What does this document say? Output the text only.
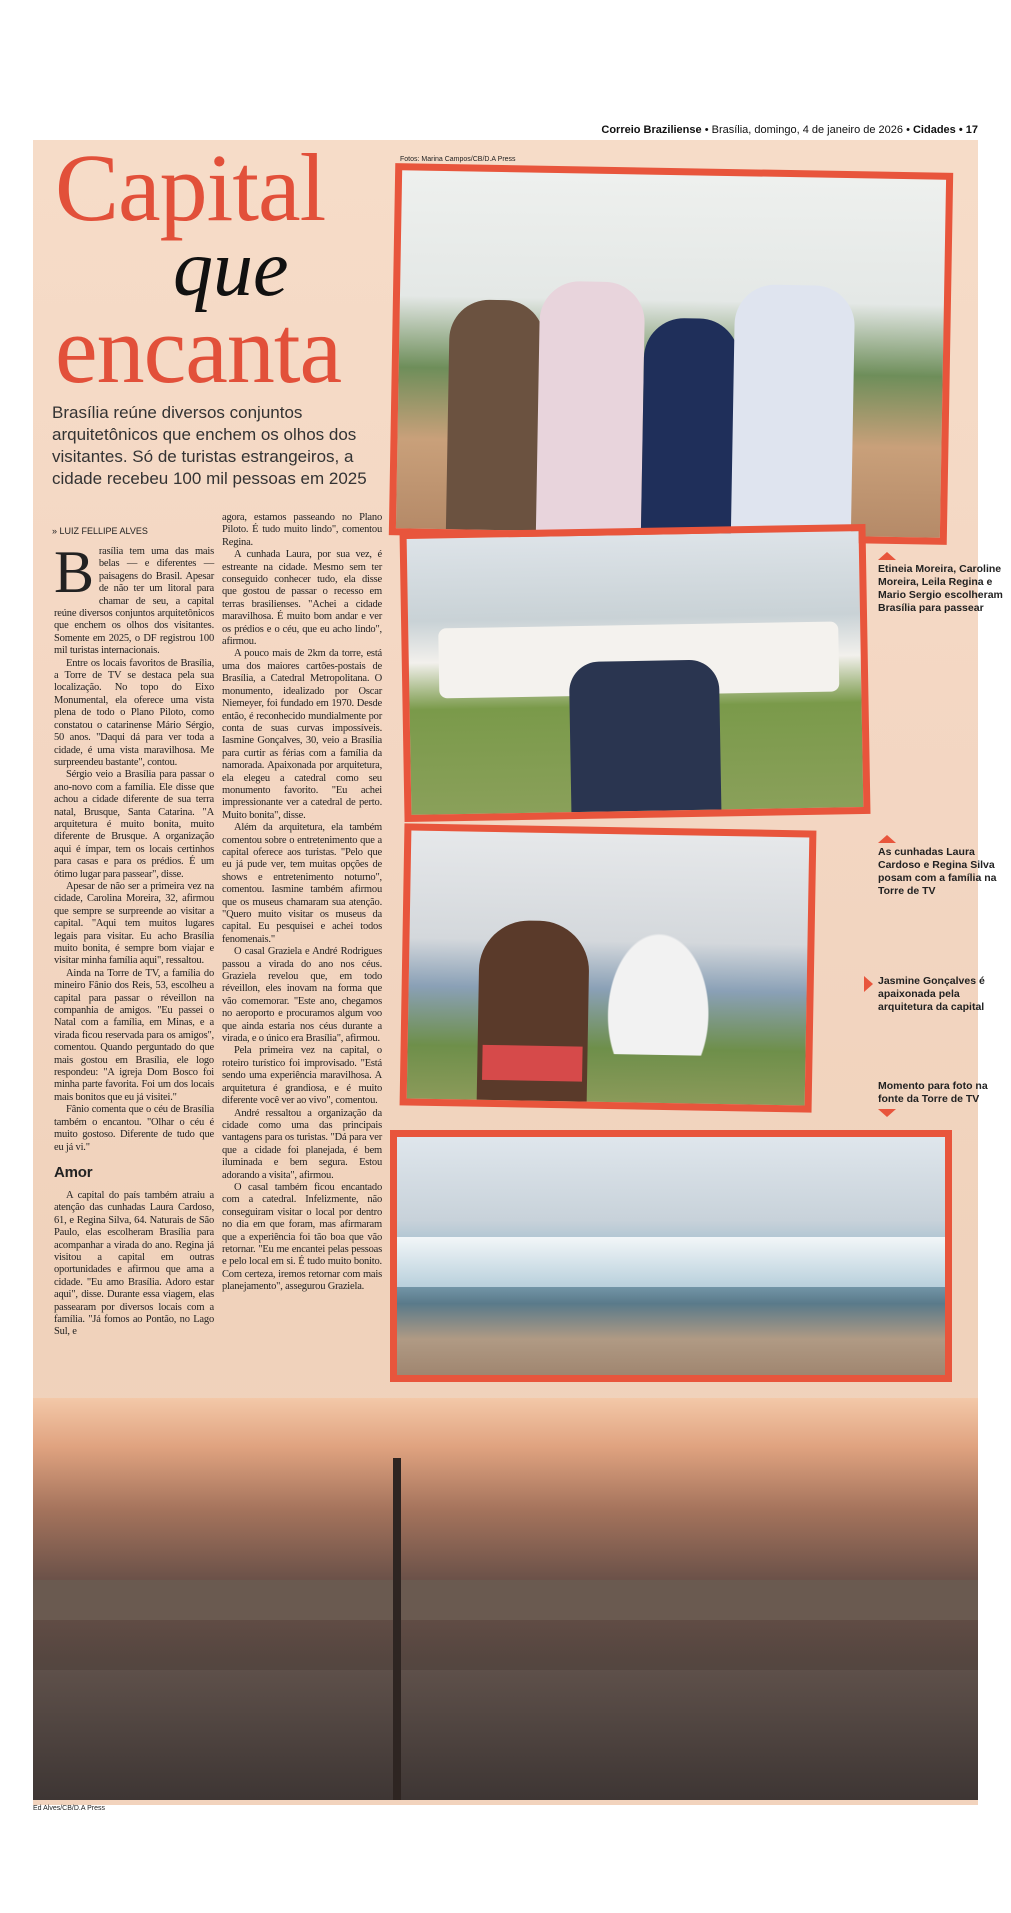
Correio Braziliense • Brasília, domingo, 4 de janeiro de 2026 • Cidades • 17
Capital
que
encanta
Brasília reúne diversos conjuntos arquitetônicos que enchem os olhos dos visitantes. Só de turistas estrangeiros, a cidade recebeu 100 mil pessoas em 2025
» LUIZ FELLIPE ALVES

Brasília tem uma das mais belas — e diferentes — paisagens do Brasil. Apesar de não ter um litoral para chamar de seu, a capital reúne diversos conjuntos arquitetônicos que enchem os olhos dos visitantes. Somente em 2025, o DF registrou 100 mil turistas internacionais.

Entre os locais favoritos de Brasília, a Torre de TV se destaca pela sua localização. No topo do Eixo Monumental, ela oferece uma vista plena de todo o Plano Piloto, como constatou o catarinense Mário Sérgio, 50 anos. "Daqui dá para ver toda a cidade, é uma vista maravilhosa. Me surpreendeu bastante", contou.

Sérgio veio a Brasília para passar o ano-novo com a família. Ele disse que achou a cidade diferente de sua terra natal, Brusque, Santa Catarina. "A arquitetura é muito bonita, muito diferente de Brusque. A organização aqui é ímpar, tem os locais certinhos para casas e para os prédios. É um ótimo lugar para passear", disse.

Apesar de não ser a primeira vez na cidade, Carolina Moreira, 32, afirmou que sempre se surpreende ao visitar a capital. "Aqui tem muitos lugares legais para visitar. Eu acho Brasília muito bonita, é sempre bom viajar e visitar minha família aqui", ressaltou.

Ainda na Torre de TV, a família do mineiro Fânio dos Reis, 53, escolheu a capital para passar o réveillon na companhia de amigos. "Eu passei o Natal com a família, em Minas, e a virada ficou reservada para os amigos", comentou. Quando perguntado do que mais gostou em Brasília, ele logo respondeu: "A igreja Dom Bosco foi minha parte favorita. Foi um dos locais mais bonitos que eu já visitei."

Fânio comenta que o céu de Brasília também o encantou. "Olhar o céu é muito gostoso. Diferente de tudo que eu já vi."

Amor

A capital do país também atraiu a atenção das cunhadas Laura Cardoso, 61, e Regina Silva, 64. Naturais de São Paulo, elas escolheram Brasília para acompanhar a virada do ano. Regina já visitou a capital em outras oportunidades e afirmou que ama a cidade. "Eu amo Brasília. Adoro estar aqui", disse. Durante essa viagem, elas passearam por diversos locais com a família. "Já fomos ao Pontão, no Lago Sul, e

agora, estamos passeando no Plano Piloto. É tudo muito lindo", comentou Regina.

A cunhada Laura, por sua vez, é estreante na cidade. Mesmo sem ter conseguido conhecer tudo, ela disse que gostou de passar o recesso em terras brasilienses. "Achei a cidade maravilhosa. É muito bom andar e ver os prédios e o céu, que eu acho lindo", afirmou.

A pouco mais de 2km da torre, está uma dos maiores cartões-postais de Brasília, a Catedral Metropolitana. O monumento, idealizado por Oscar Niemeyer, foi fundado em 1970. Desde então, é reconhecido mundialmente por conta de suas curvas impossíveis. Iasmine Gonçalves, 30, veio a Brasília para curtir as férias com a família da namorada. Apaixonada por arquitetura, ela elegeu a catedral como seu monumento favorito. "Eu achei impressionante ver a catedral de perto. Muito bonita", disse.

Além da arquitetura, ela também comentou sobre o entretenimento que a capital oferece aos turistas. "Pelo que eu já pude ver, tem muitas opções de shows e entretenimento noturno", comentou. Iasmine também afirmou que os museus chamaram sua atenção. "Quero muito visitar os museus da capital. Eu pesquisei e achei todos fenomenais."

O casal Graziela e André Rodrigues passou a virada do ano nos céus. Graziela revelou que, em todo réveillon, eles inovam na forma que vão comemorar. "Este ano, chegamos no aeroporto e procuramos algum voo que ainda estaria nos céus durante a virada, e o único era Brasília", afirmou.

Pela primeira vez na capital, o roteiro turístico foi improvisado. "Está sendo uma experiência maravilhosa. A arquitetura é grandiosa, e é muito diferente você ver ao vivo", comentou.

André ressaltou a organização da cidade como uma das principais vantagens para os turistas. "Dá para ver que a cidade foi planejada, é bem iluminada e bem segura. Estou adorando a visita", afirmou.

O casal também ficou encantado com a catedral. Infelizmente, não conseguiram visitar o local por dentro no dia em que foram, mas afirmaram que a experiência foi tão boa que vão retornar. "Eu me encantei pelas pessoas e pelo local em si. É tudo muito bonito. Com certeza, iremos retornar com mais planejamento", assegurou Graziela.

Fotos: Marina Campos/CB/D.A Press
Ed Alves/CB/D.A Press
Etineia Moreira, Caroline Moreira, Leila Regina e Mario Sergio escolheram Brasília para passear
As cunhadas Laura Cardoso e Regina Silva posam com a família na Torre de TV
Jasmine Gonçalves é apaixonada pela arquitetura da capital
Momento para foto na fonte da Torre de TV
